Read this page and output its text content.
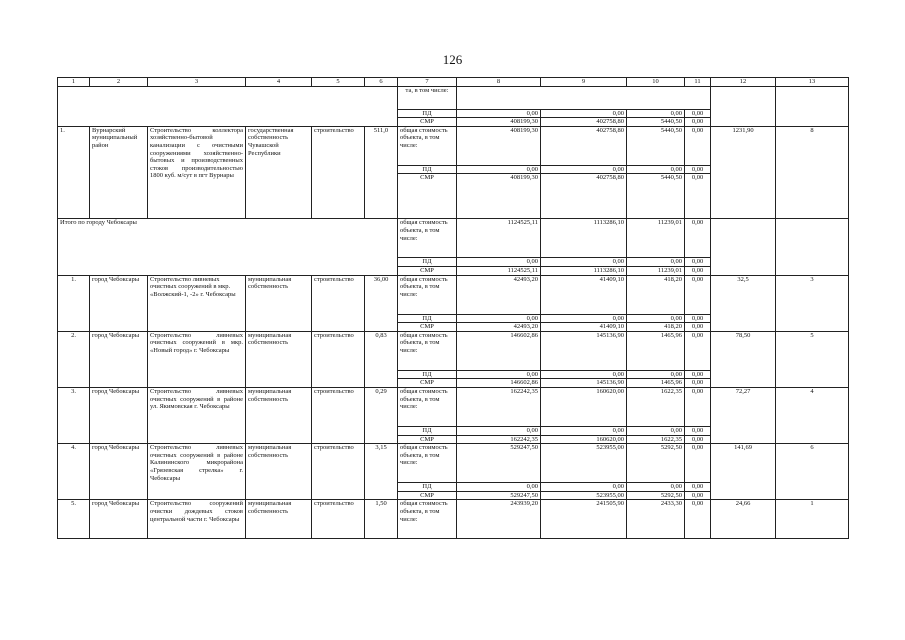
126
1	2	3	4	5	6	7	8	9	10	11	12	13
						та, в том числе:						
						ПД	0,00	0,00	0,00	0,00		
						СМР	408199,30	402758,80	5440,50	0,00		
1.	Вурнарский муниципальный район	Строительство коллектора хозяйственно-бытовой канализации с очистными сооружениями хозяйственно-бытовых и производственных стоков производительностью 1800 куб. м/сут в пгт Вурнары	государственная собственность Чувашской Республики	строительство	511,0	общая стоимость объекта, в том числе:	408199,30	402758,80	5440,50	0,00	1231,90	8
						ПД	0,00	0,00	0,00	0,00		
						СМР	408199,30	402758,80	5440,50	0,00		
Итого по городу Чебоксары						общая стоимость объекта, в том числе:	1124525,11	1113286,10	11239,01	0,00		
						ПД	0,00	0,00	0,00	0,00		
						СМР	1124525,11	1113286,10	11239,01	0,00		
1.	город Чебоксары	Строительство ливневых очистных сооружений в мкр. «Волжский-1, -2» г. Чебоксары	муниципальная собственность	строительство	36,00	общая стоимость объекта, в том числе:	42493,20	41409,10	418,20	0,00	32,5	3
						ПД	0,00	0,00	0,00	0,00		
						СМР	42493,20	41409,10	418,20	0,00		
2.	город Чебоксары	Строительство ливневых очистных сооружений в мкр. «Новый город» г. Чебоксары	муниципальная собственность	строительство	0,83	общая стоимость объекта, в том числе:	146602,86	145136,90	1465,96	0,00	78,50	5
						ПД	0,00	0,00	0,00	0,00		
						СМР	146602,86	145136,90	1465,96	0,00		
3.	город Чебоксары	Строительство ливневых очистных сооружений в районе ул. Якимовская г. Чебоксары	муниципальная собственность	строительство	0,29	общая стоимость объекта, в том числе:	162242,35	160620,00	1622,35	0,00	72,27	4
						ПД	0,00	0,00	0,00	0,00		
						СМР	162242,35	160620,00	1622,35	0,00		
4.	город Чебоксары	Строительство ливневых очистных сооружений в районе Калининского микрорайона «Грязевская стрелка» г. Чебоксары	муниципальная собственность	строительство	3,15	общая стоимость объекта, в том числе:	529247,50	523955,00	5292,50	0,00	141,69	6
						ПД	0,00	0,00	0,00	0,00		
						СМР	529247,50	523955,00	5292,50	0,00		
5.	город Чебоксары	Строительство сооружений очистки дождевых стоков центральной части г. Чебоксары	муниципальная собственность	строительство	1,50	общая стоимость объекта, в том числе:	243939,20	241505,90	2433,30	0,00	24,66	1
